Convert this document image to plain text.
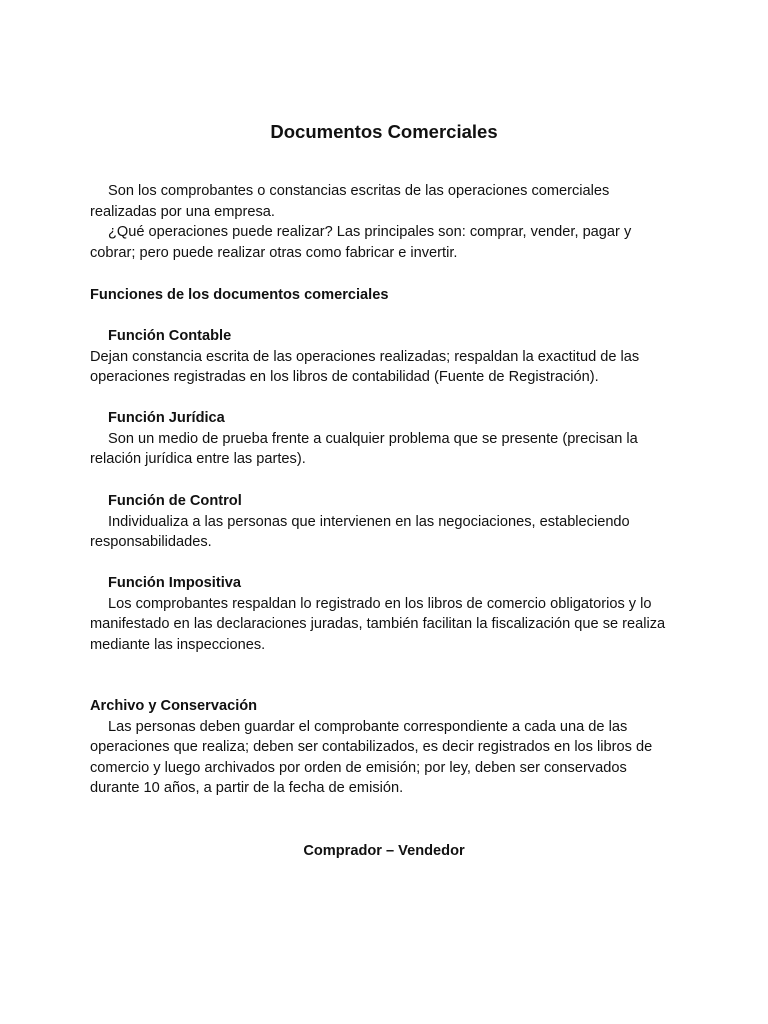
Documentos Comerciales

Son los comprobantes o constancias escritas de las operaciones comerciales realizadas por una empresa.

¿Qué operaciones puede realizar? Las principales son: comprar, vender, pagar y cobrar; pero puede realizar otras como fabricar e invertir.

Funciones de los documentos comerciales

Función Contable

Dejan constancia escrita de las operaciones realizadas; respaldan la exactitud de las operaciones registradas en los libros de contabilidad (Fuente de Registración).

Función Jurídica

Son un medio de prueba frente a cualquier problema que se presente (precisan la relación jurídica entre las partes).

Función de Control

Individualiza a las personas que intervienen en las negociaciones, estableciendo responsabilidades.

Función Impositiva

Los comprobantes respaldan lo registrado en los libros de comercio obligatorios y lo manifestado en las declaraciones juradas, también facilitan la fiscalización que se realiza mediante las inspecciones.

Archivo y Conservación

Las personas deben guardar el comprobante correspondiente a cada una de las operaciones que realiza; deben ser contabilizados, es decir registrados en los libros de comercio y luego archivados por orden de emisión; por ley, deben ser conservados durante 10 años, a partir de la fecha de emisión.

Comprador – Vendedor
